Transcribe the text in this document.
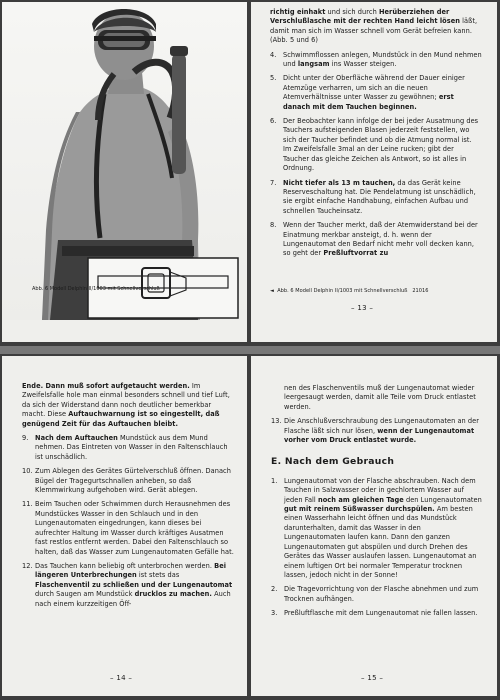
Abb. 6 Modell Delphin II/1003 mit Schnellverschluß

richtig einhakt und sich durch Herüberziehen der Verschlußlasche mit der rechten Hand leicht lösen läßt, damit man sich im Wasser schnell vom Gerät befreien kann. (Abb. 5 und 6)

4. Schwimmflossen anlegen, Mundstück in den Mund nehmen und langsam ins Wasser steigen.
5. Dicht unter der Oberfläche während der Dauer einiger Atemzüge verharren, um sich an die neuen Atemverhältnisse unter Wasser zu gewöhnen; erst danach mit dem Tauchen beginnen.
6. Der Beobachter kann infolge der bei jeder Ausatmung des Tauchers aufsteigenden Blasen jederzeit feststellen, wo sich der Taucher befindet und ob die Atmung normal ist. Im Zweifelsfalle 3mal an der Leine rucken; gibt der Taucher das gleiche Zeichen als Antwort, so ist alles in Ordnung.
7. Nicht tiefer als 13 m tauchen, da das Gerät keine Reserveschaltung hat. Die Pendelatmung ist unschädlich, sie ergibt einfache Handhabung, einfachen Aufbau und schnellen Taucheinsatz.
8. Wenn der Taucher merkt, daß der Atemwiderstand bei der Einatmung merkbar ansteigt, d. h. wenn der Lungenautomat den Bedarf nicht mehr voll decken kann, so geht der Preßluftvorrat zu
◄ Abb. 6 Modell Delphin II/1003 mit Schnellverschluß 21016
– 13 –
Ende. Dann muß sofort aufgetaucht werden. Im Zweifelsfalle hole man einmal besonders schnell und tief Luft, da sich der Widerstand dann noch deutlicher bemerkbar macht. Diese Auftauchwarnung ist so eingestellt, daß genügend Zeit für das Auftauchen bleibt.
9. Nach dem Auftauchen Mundstück aus dem Mund nehmen. Das Eintreten von Wasser in den Faltenschlauch ist unschädlich.
10. Zum Ablegen des Gerätes Gürtelverschluß öffnen. Danach Bügel der Tragegurtschnallen anheben, so daß Klemmwirkung aufgehoben wird. Gerät ablegen.
11. Beim Tauchen oder Schwimmen durch Herausnehmen des Mundstückes Wasser in den Schlauch und in den Lungenautomaten eingedrungen, kann dieses bei aufrechter Haltung im Wasser durch kräftiges Ausatmen fast restlos entfernt werden. Dabei den Faltenschlauch so halten, daß das Wasser zum Lungenautomaten Gefälle hat.
12. Das Tauchen kann beliebig oft unterbrochen werden. Bei längeren Unterbrechungen ist stets das Flaschenventil zu schließen und der Lungenautomat durch Saugen am Mundstück drucklos zu machen. Auch nach einem kurzzeitigen Öff-
– 14 –

nen des Flaschenventils muß der Lungenautomat wieder leergesaugt werden, damit alle Teile vom Druck entlastet werden.

13. Die Anschlußverschraubung des Lungenautomaten an der Flasche läßt sich nur lösen, wenn der Lungenautomat vorher vom Druck entlastet wurde.
E. Nach dem Gebrauch
1. Lungenautomat von der Flasche abschrauben. Nach dem Tauchen in Salzwasser oder in gechlortem Wasser auf jeden Fall noch am gleichen Tage den Lungenautomaten gut mit reinem Süßwasser durchspülen. Am besten einen Wasserhahn leicht öffnen und das Mundstück darunterhalten, damit das Wasser in den Lungenautomaten laufen kann. Dann den ganzen Lungenautomaten gut abspülen und durch Drehen des Gerätes das Wasser auslaufen lassen. Lungenautomat an einem luftigen Ort bei normaler Temperatur trocknen lassen, jedoch nicht in der Sonne!
2. Die Tragevorrichtung von der Flasche abnehmen und zum Trocknen aufhängen.
3. Preßluftflasche mit dem Lungenautomat nie fallen lassen.
– 15 –
